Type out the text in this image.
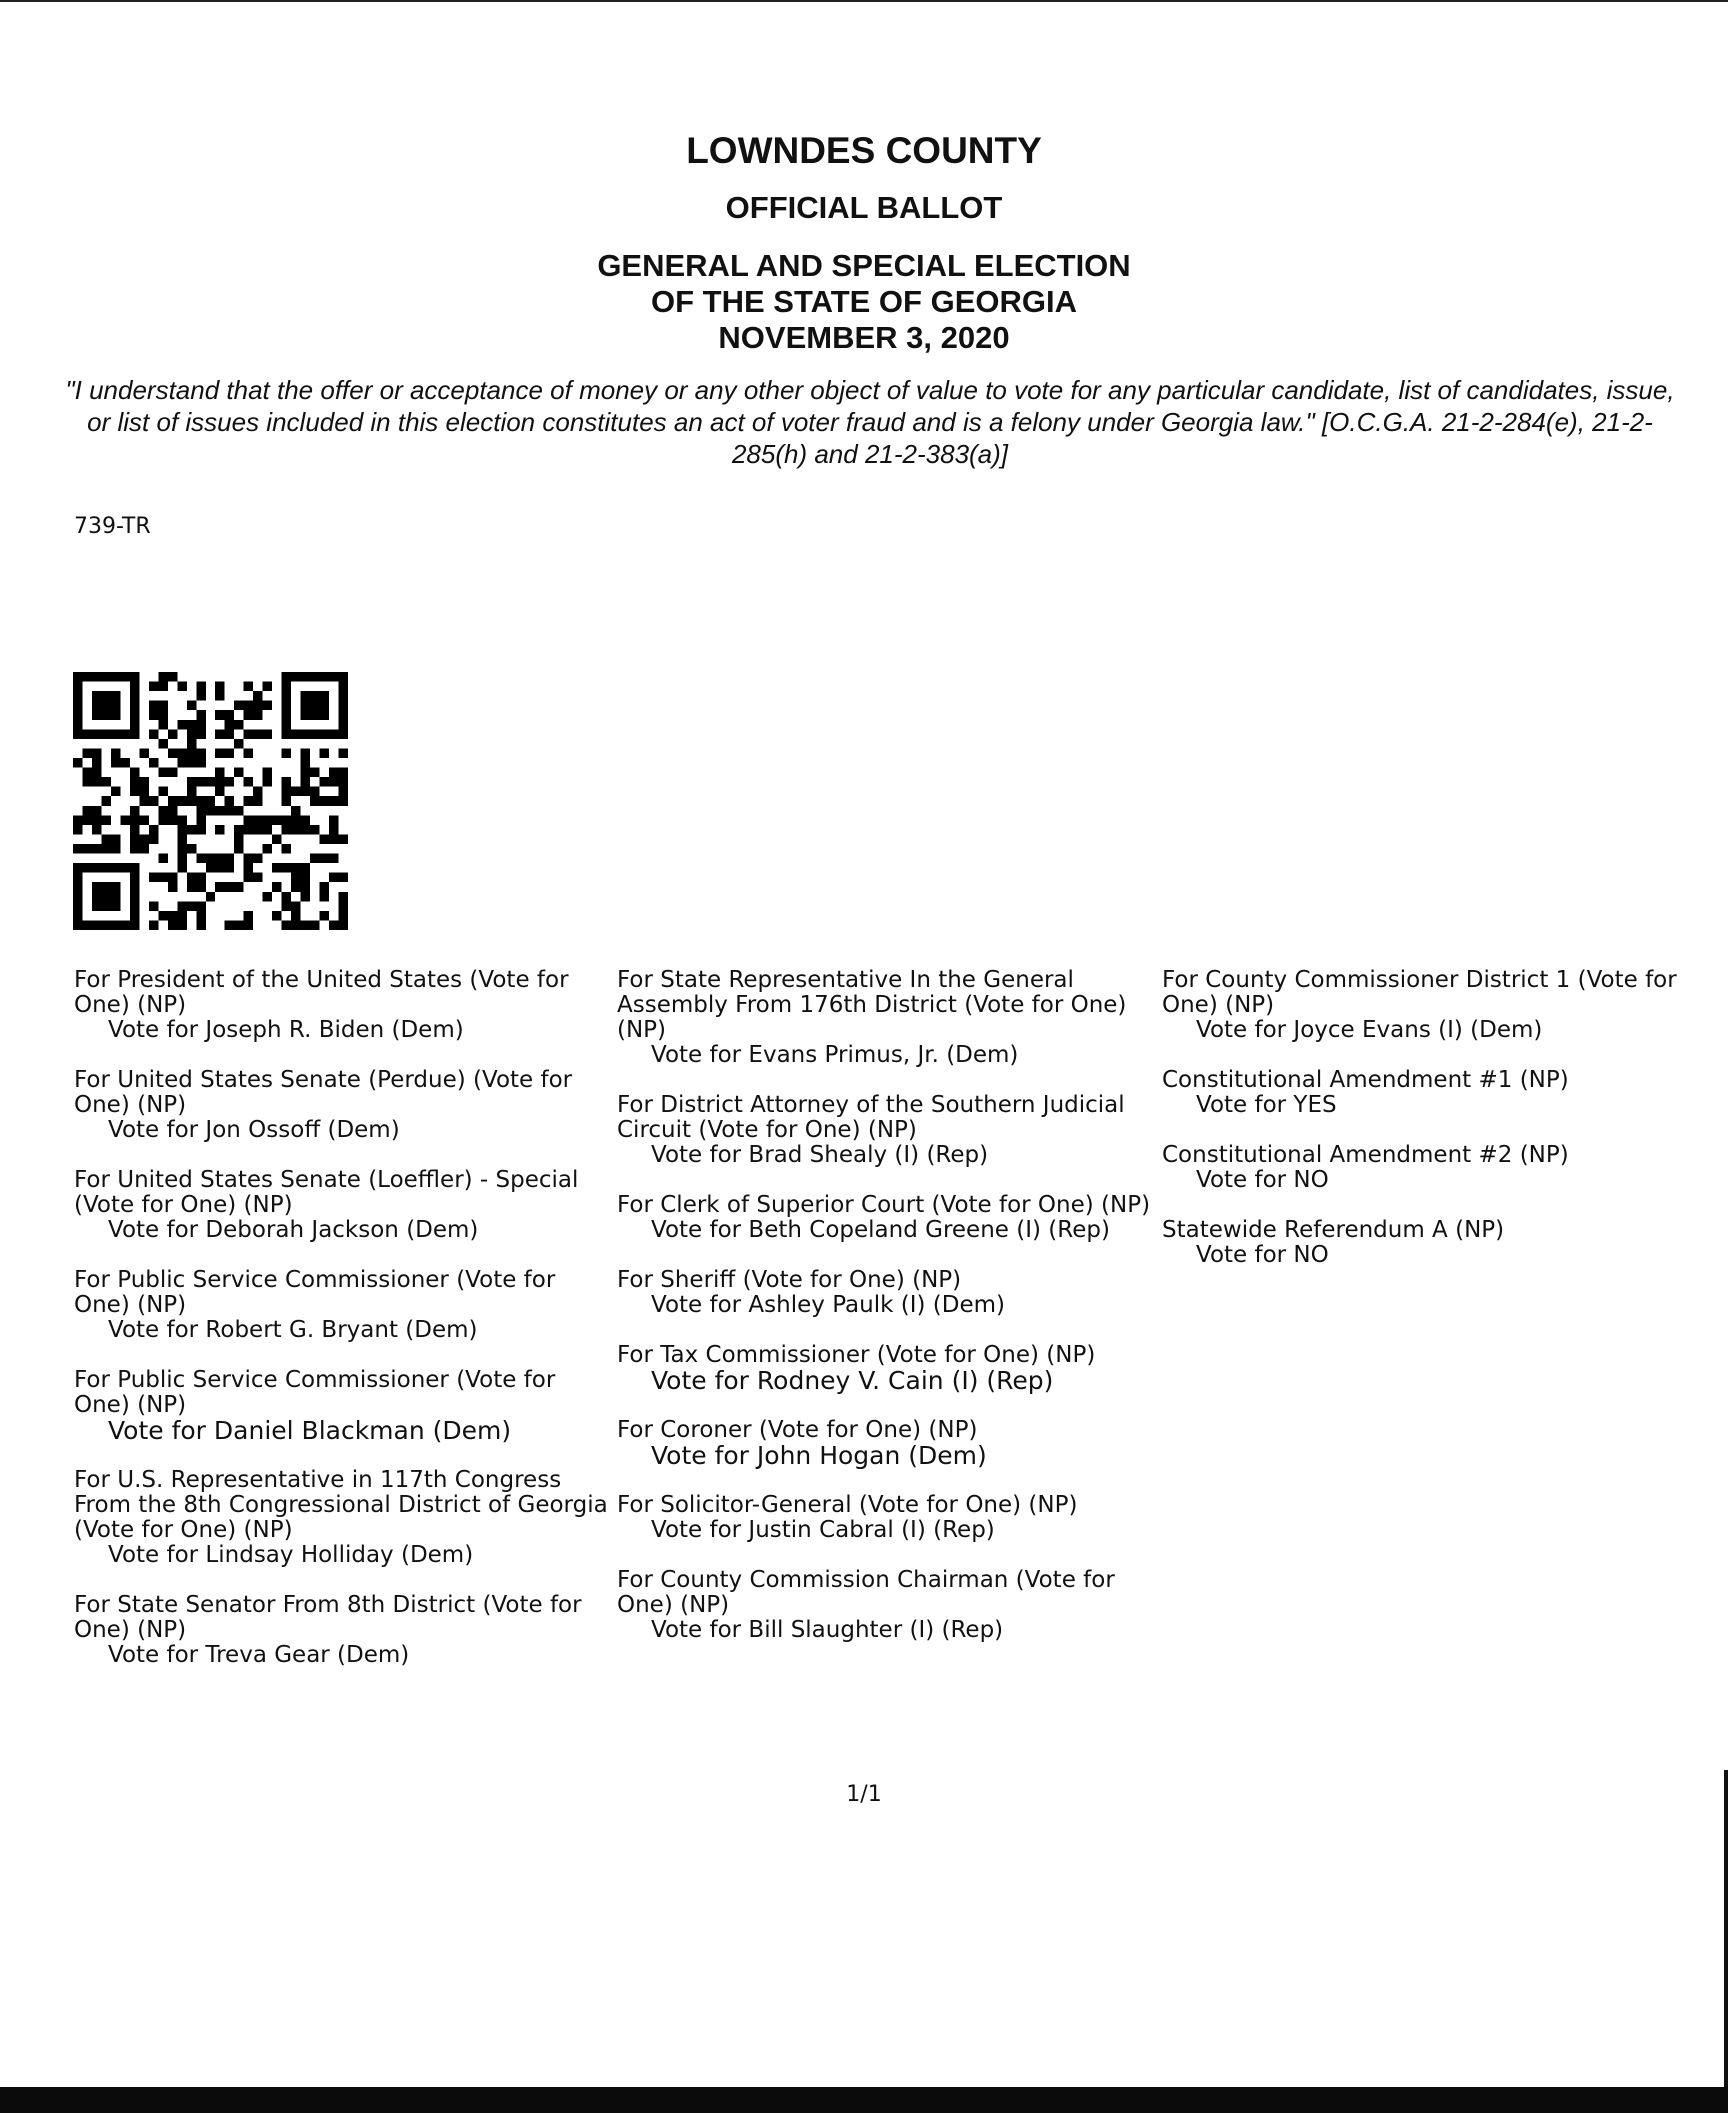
LOWNDES COUNTY
OFFICIAL BALLOT
GENERAL AND SPECIAL ELECTION
OF THE STATE OF GEORGIA
NOVEMBER 3, 2020
"I understand that the offer or acceptance of money or any other object of value to vote for any particular candidate, list of candidates, issue, or list of issues included in this election constitutes an act of voter fraud and is a felony under Georgia law." [O.C.G.A. 21-2-284(e), 21-2-285(h) and 21-2-383(a)]
739-TR
For President of the United States (Vote for One) (NP)
Vote for Joseph R. Biden (Dem)
For United States Senate (Perdue) (Vote for One) (NP)
Vote for Jon Ossoff (Dem)
For United States Senate (Loeffler) - Special (Vote for One) (NP)
Vote for Deborah Jackson (Dem)
For Public Service Commissioner (Vote for One) (NP)
Vote for Robert G. Bryant (Dem)
For Public Service Commissioner (Vote for One) (NP)
Vote for Daniel Blackman (Dem)
For U.S. Representative in 117th Congress From the 8th Congressional District of Georgia (Vote for One) (NP)
Vote for Lindsay Holliday (Dem)
For State Senator From 8th District (Vote for One) (NP)
Vote for Treva Gear (Dem)
For State Representative In the General Assembly From 176th District (Vote for One) (NP)
Vote for Evans Primus, Jr. (Dem)
For District Attorney of the Southern Judicial Circuit (Vote for One) (NP)
Vote for Brad Shealy (I) (Rep)
For Clerk of Superior Court (Vote for One) (NP)
Vote for Beth Copeland Greene (I) (Rep)
For Sheriff (Vote for One) (NP)
Vote for Ashley Paulk (I) (Dem)
For Tax Commissioner (Vote for One) (NP)
Vote for Rodney V. Cain (I) (Rep)
For Coroner (Vote for One) (NP)
Vote for John Hogan (Dem)
For Solicitor-General (Vote for One) (NP)
Vote for Justin Cabral (I) (Rep)
For County Commission Chairman (Vote for One) (NP)
Vote for Bill Slaughter (I) (Rep)
For County Commissioner District 1 (Vote for One) (NP)
Vote for Joyce Evans (I) (Dem)
Constitutional Amendment #1 (NP)
Vote for YES
Constitutional Amendment #2 (NP)
Vote for NO
Statewide Referendum A (NP)
Vote for NO
1/1
